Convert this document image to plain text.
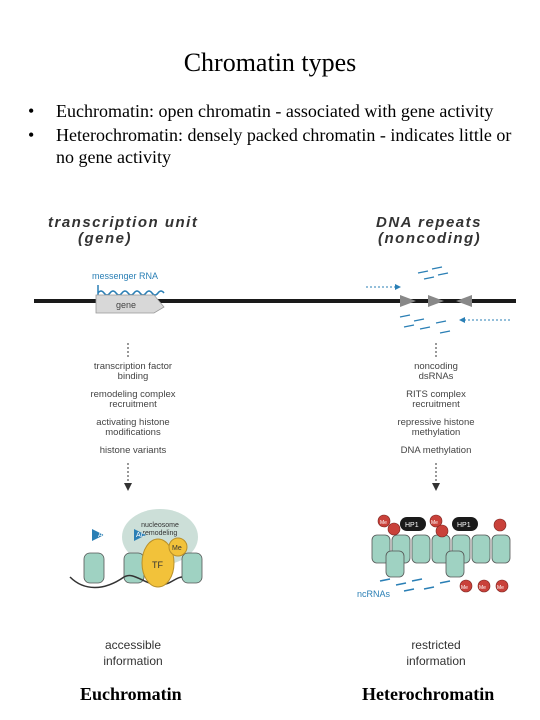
Chromatin types
• Euchromatin: open chromatin - associated with gene activity
• Heterochromatin: densely packed chromatin - indicates little or no gene activity
transcription unit
(gene)
DNA repeats
(noncoding)
messenger RNA
gene
transcription factor
binding
remodeling complex
recruitment
activating histone
modifications
histone variants
noncoding
dsRNAs
RITS complex
recruitment
repressive histone
methylation
DNA methylation
nucleosome
remodeling
TF
Ac	Ac
Me
HP1	HP1
Me	Me
Me Me Me
ncRNAs
accessible
information
restricted
information
Euchromatin	Heterochromatin
